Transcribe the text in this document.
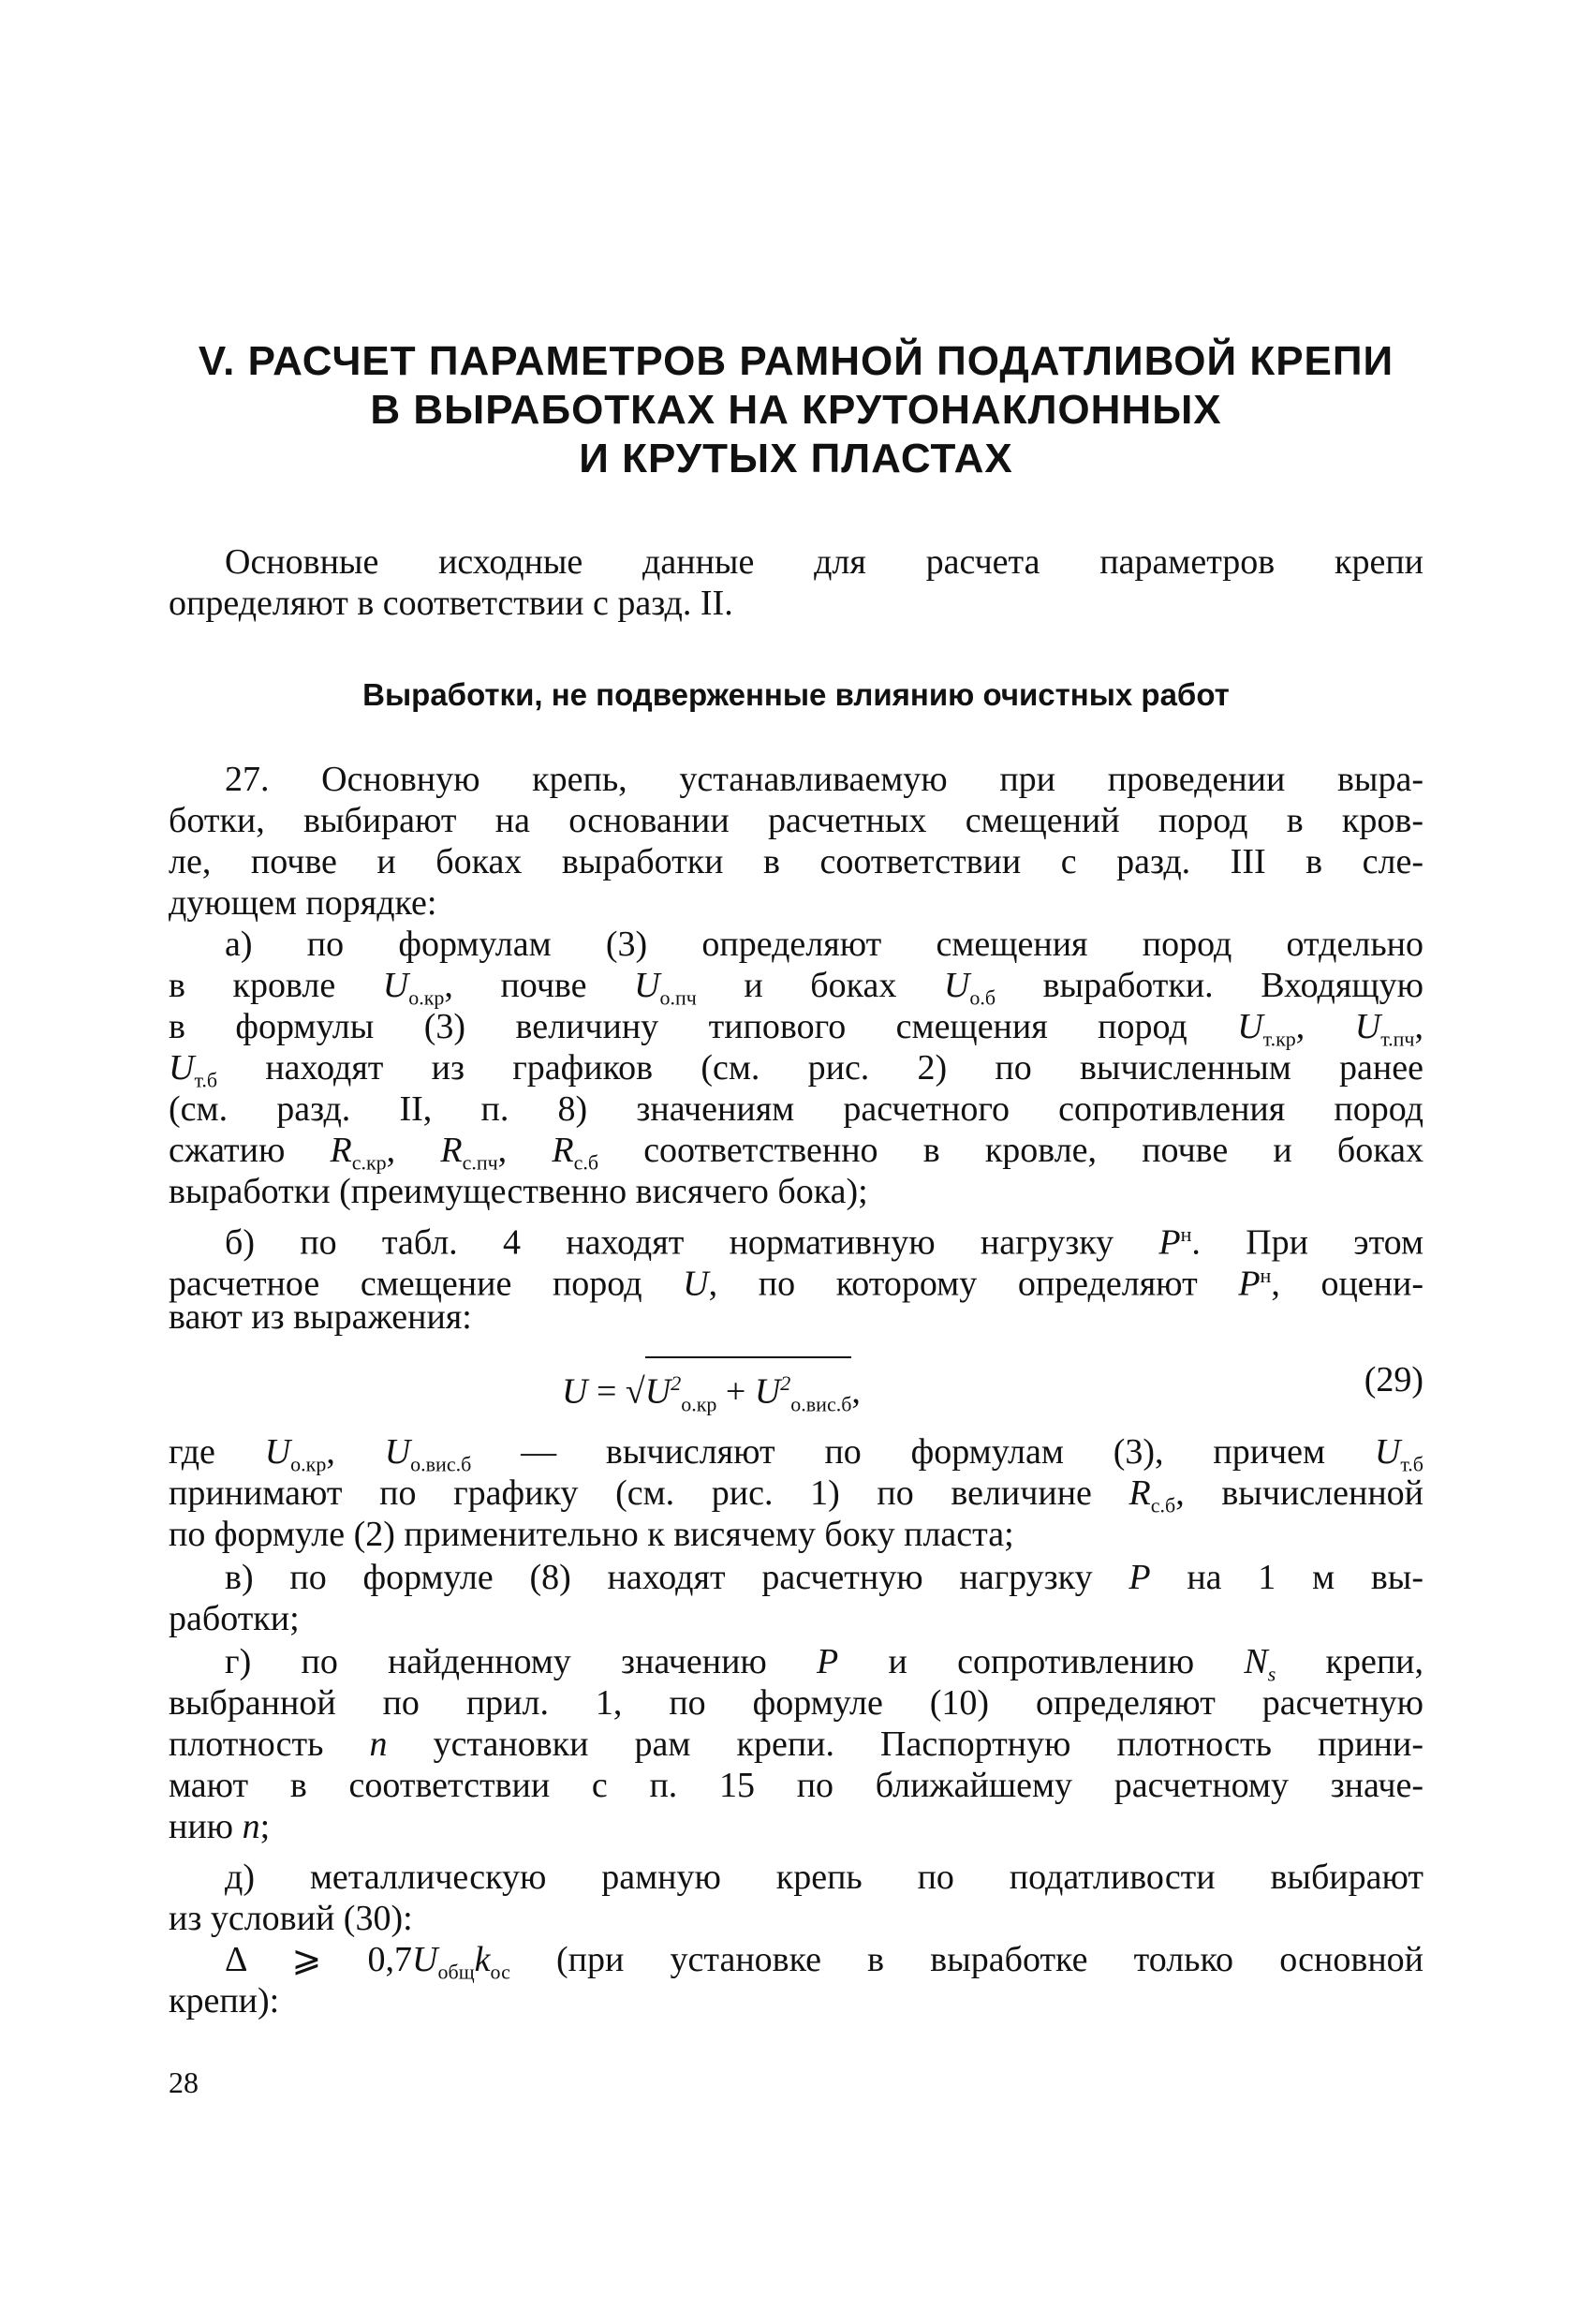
V. РАСЧЕТ ПАРАМЕТРОВ РАМНОЙ ПОДАТЛИВОЙ КРЕПИ
В ВЫРАБОТКАХ НА КРУТОНАКЛОННЫХ
И КРУТЫХ ПЛАСТАХ
Основные исходные данные для расчета параметров крепи
определяют в соответствии с разд. II.
Выработки, не подверженные влиянию очистных работ
27. Основную крепь, устанавливаемую при проведении выра-
ботки, выбирают на основании расчетных смещений пород в кров-
ле, почве и боках выработки в соответствии с разд. III в сле-
дующем порядке:
а) по формулам (3) определяют смещения пород отдельно
в кровле $U_{о.кр}$, почве $U_{о.пч}$ и боках $U_{о.б}$ выработки. Входящую
в формулы (3) величину типового смещения пород $U_{т.кр}$, $U_{т.пч}$,
$U_{т.б}$ находят из графиков (см. рис. 2) по вычисленным ранее
(см. разд. II, п. 8) значениям расчетного сопротивления пород
сжатию $R_{с.кр}$, $R_{с.пч}$, $R_{с.б}$ соответственно в кровле, почве и боках
выработки (преимущественно висячего бока);
б) по табл. 4 находят нормативную нагрузку $P^н$. При этом
расчетное смещение пород U, по которому определяют $P^н$, оцени-
вают из выражения:
$U = √U^2_{о.кр} + U^2_{о.вис.б}$,	(29)
где $U_{о.кр}$, $U_{о.вис.б}$ — вычисляют по формулам (3), причем $U_{т.б}$
принимают по графику (см. рис. 1) по величине $R_{с.б}$, вычисленной
по формуле (2) применительно к висячему боку пласта;
в) по формуле (8) находят расчетную нагрузку P на 1 м вы-
работки;
г) по найденному значению P и сопротивлению $N_s$ крепи,
выбранной по прил. 1, по формуле (10) определяют расчетную
плотность n установки рам крепи. Паспортную плотность прини-
мают в соответствии с п. 15 по ближайшему расчетному значе-
нию n;
д) металлическую рамную крепь по податливости выбирают
из условий (30):
Δ ⩾ $0,7U_{общ}k_{ос}$ (при установке в выработке только основной
крепи):
28
